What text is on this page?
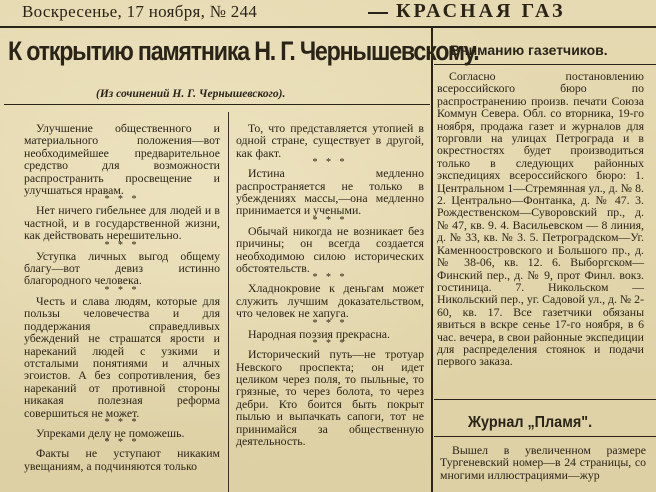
Воскресенье, 17 ноября, № 244	КРАСНАЯ ГАЗ
К открытию памятника Н. Г. Чернышевскому.
(Из сочинений Н. Г. Чернышевского).

Улучшение общественного и материального положения—вот необходимейшее предварительное средство для возможности распространить просвещение и улучшаться нравам.

* * *

Нет ничего гибельнее для людей и в частной, и в государственной жизни, как действовать нерешительно.

* * *

Уступка личных выгод общему благу—вот девиз истинно благородного человека.

* * *

Честь и слава людям, которые для пользы человечества и для поддержания справедливых убеждений не страшатся ярости и нареканий людей с узкими и отсталыми понятиями и алчных эгоистов. А без сопротивления, без нареканий от противной стороны никакая полезная реформа совершиться не может.

* * *

Упреками делу не поможешь.

* * *

Факты не уступают никаким увещаниям, а подчиняются только

То, что представляется утопией в одной стране, существует в другой, как факт.

* * *

Истина медленно распространяется не только в убеждениях массы,—она медленно принимается и учеными.

* * *

Обычай никогда не возникает без причины; он всегда создается необходимою силою исторических обстоятельств.

* * *

Хладнокровие к деньгам может служить лучшим доказательством, что человек не хапуга.

* * *

Народная поэзия прекрасна.

* * *

Исторический путь—не тротуар Невского проспекта; он идет целиком через поля, то пыльные, то грязные, то через болота, то через дебри. Кто боится быть покрыт пылью и выпачкать сапоги, тот не принимайся за общественную деятельность.

Вниманию газетчиков.

Согласно постановлению всероссийского бюро по распространению произв. печати Союза Коммун Севера. Обл. со вторника, 19-го ноября, продажа газет и журналов для торговли на улицах Петрограда и в окрестностях будет производиться только в следующих районных экспедициях всероссийского бюро: 1. Центральном 1—Стремянная ул., д. № 8. 2. Центрально—Фонтанка, д. № 47. 3. Рождественском—Суворовский пр., д. № 47, кв. 9. 4. Васильевском — 8 линия, д. № 33, кв. № 3. 5. Петроградском—Уг. Каменноостровского и Большого пр., д. № 38-06, кв. 12. 6. Выборгском—Финский пер., д. № 9, прот Финл. вокз. гостиница. 7. Никольском — Никольский пер., уг. Садовой ул., д. № 2-60, кв. 17. Все газетчики обязаны явиться в вскре сенье 17-го ноября, в 6 час. вечера, в свои районные экспедиции для распределения стоянок и подачи первого заказа.

Журнал „Пламя".

Вышел в увеличенном размере Тургеневский номер—в 24 страницы, со многими иллюстрациями—жур
